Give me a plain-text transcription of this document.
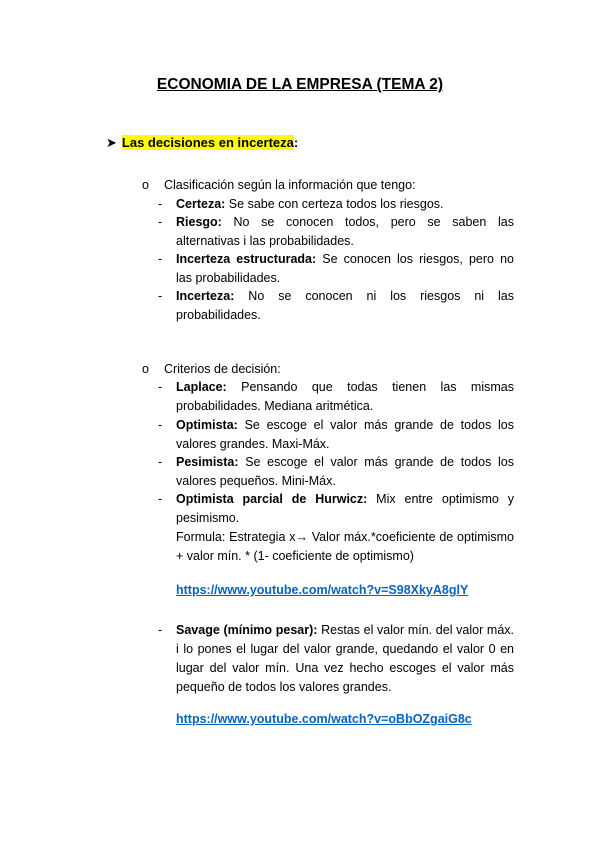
ECONOMIA DE LA EMPRESA (TEMA 2)
➤ Las decisiones en incerteza:
o	Clasificación según la información que tengo:
- Certeza: Se sabe con certeza todos los riesgos.
- Riesgo: No se conocen todos, pero se saben las alternativas i las probabilidades.
- Incerteza estructurada: Se conocen los riesgos, pero no las probabilidades.
- Incerteza: No se conocen ni los riesgos ni las probabilidades.
o	Criterios de decisión:
- Laplace: Pensando que todas tienen las mismas probabilidades. Mediana aritmética.
- Optimista: Se escoge el valor más grande de todos los valores grandes. Maxi-Máx.
- Pesimista: Se escoge el valor más grande de todos los valores pequeños. Mini-Máx.
- Optimista parcial de Hurwicz: Mix entre optimismo y pesimismo.
Formula: Estrategia x→ Valor máx.*coeficiente de optimismo + valor mín. * (1- coeficiente de optimismo)
https://www.youtube.com/watch?v=S98XkyA8glY
- Savage (mínimo pesar): Restas el valor mín. del valor máx. i lo pones el lugar del valor grande, quedando el valor 0 en lugar del valor mín. Una vez hecho escoges el valor más pequeño de todos los valores grandes.
https://www.youtube.com/watch?v=oBbOZgaiG8c
